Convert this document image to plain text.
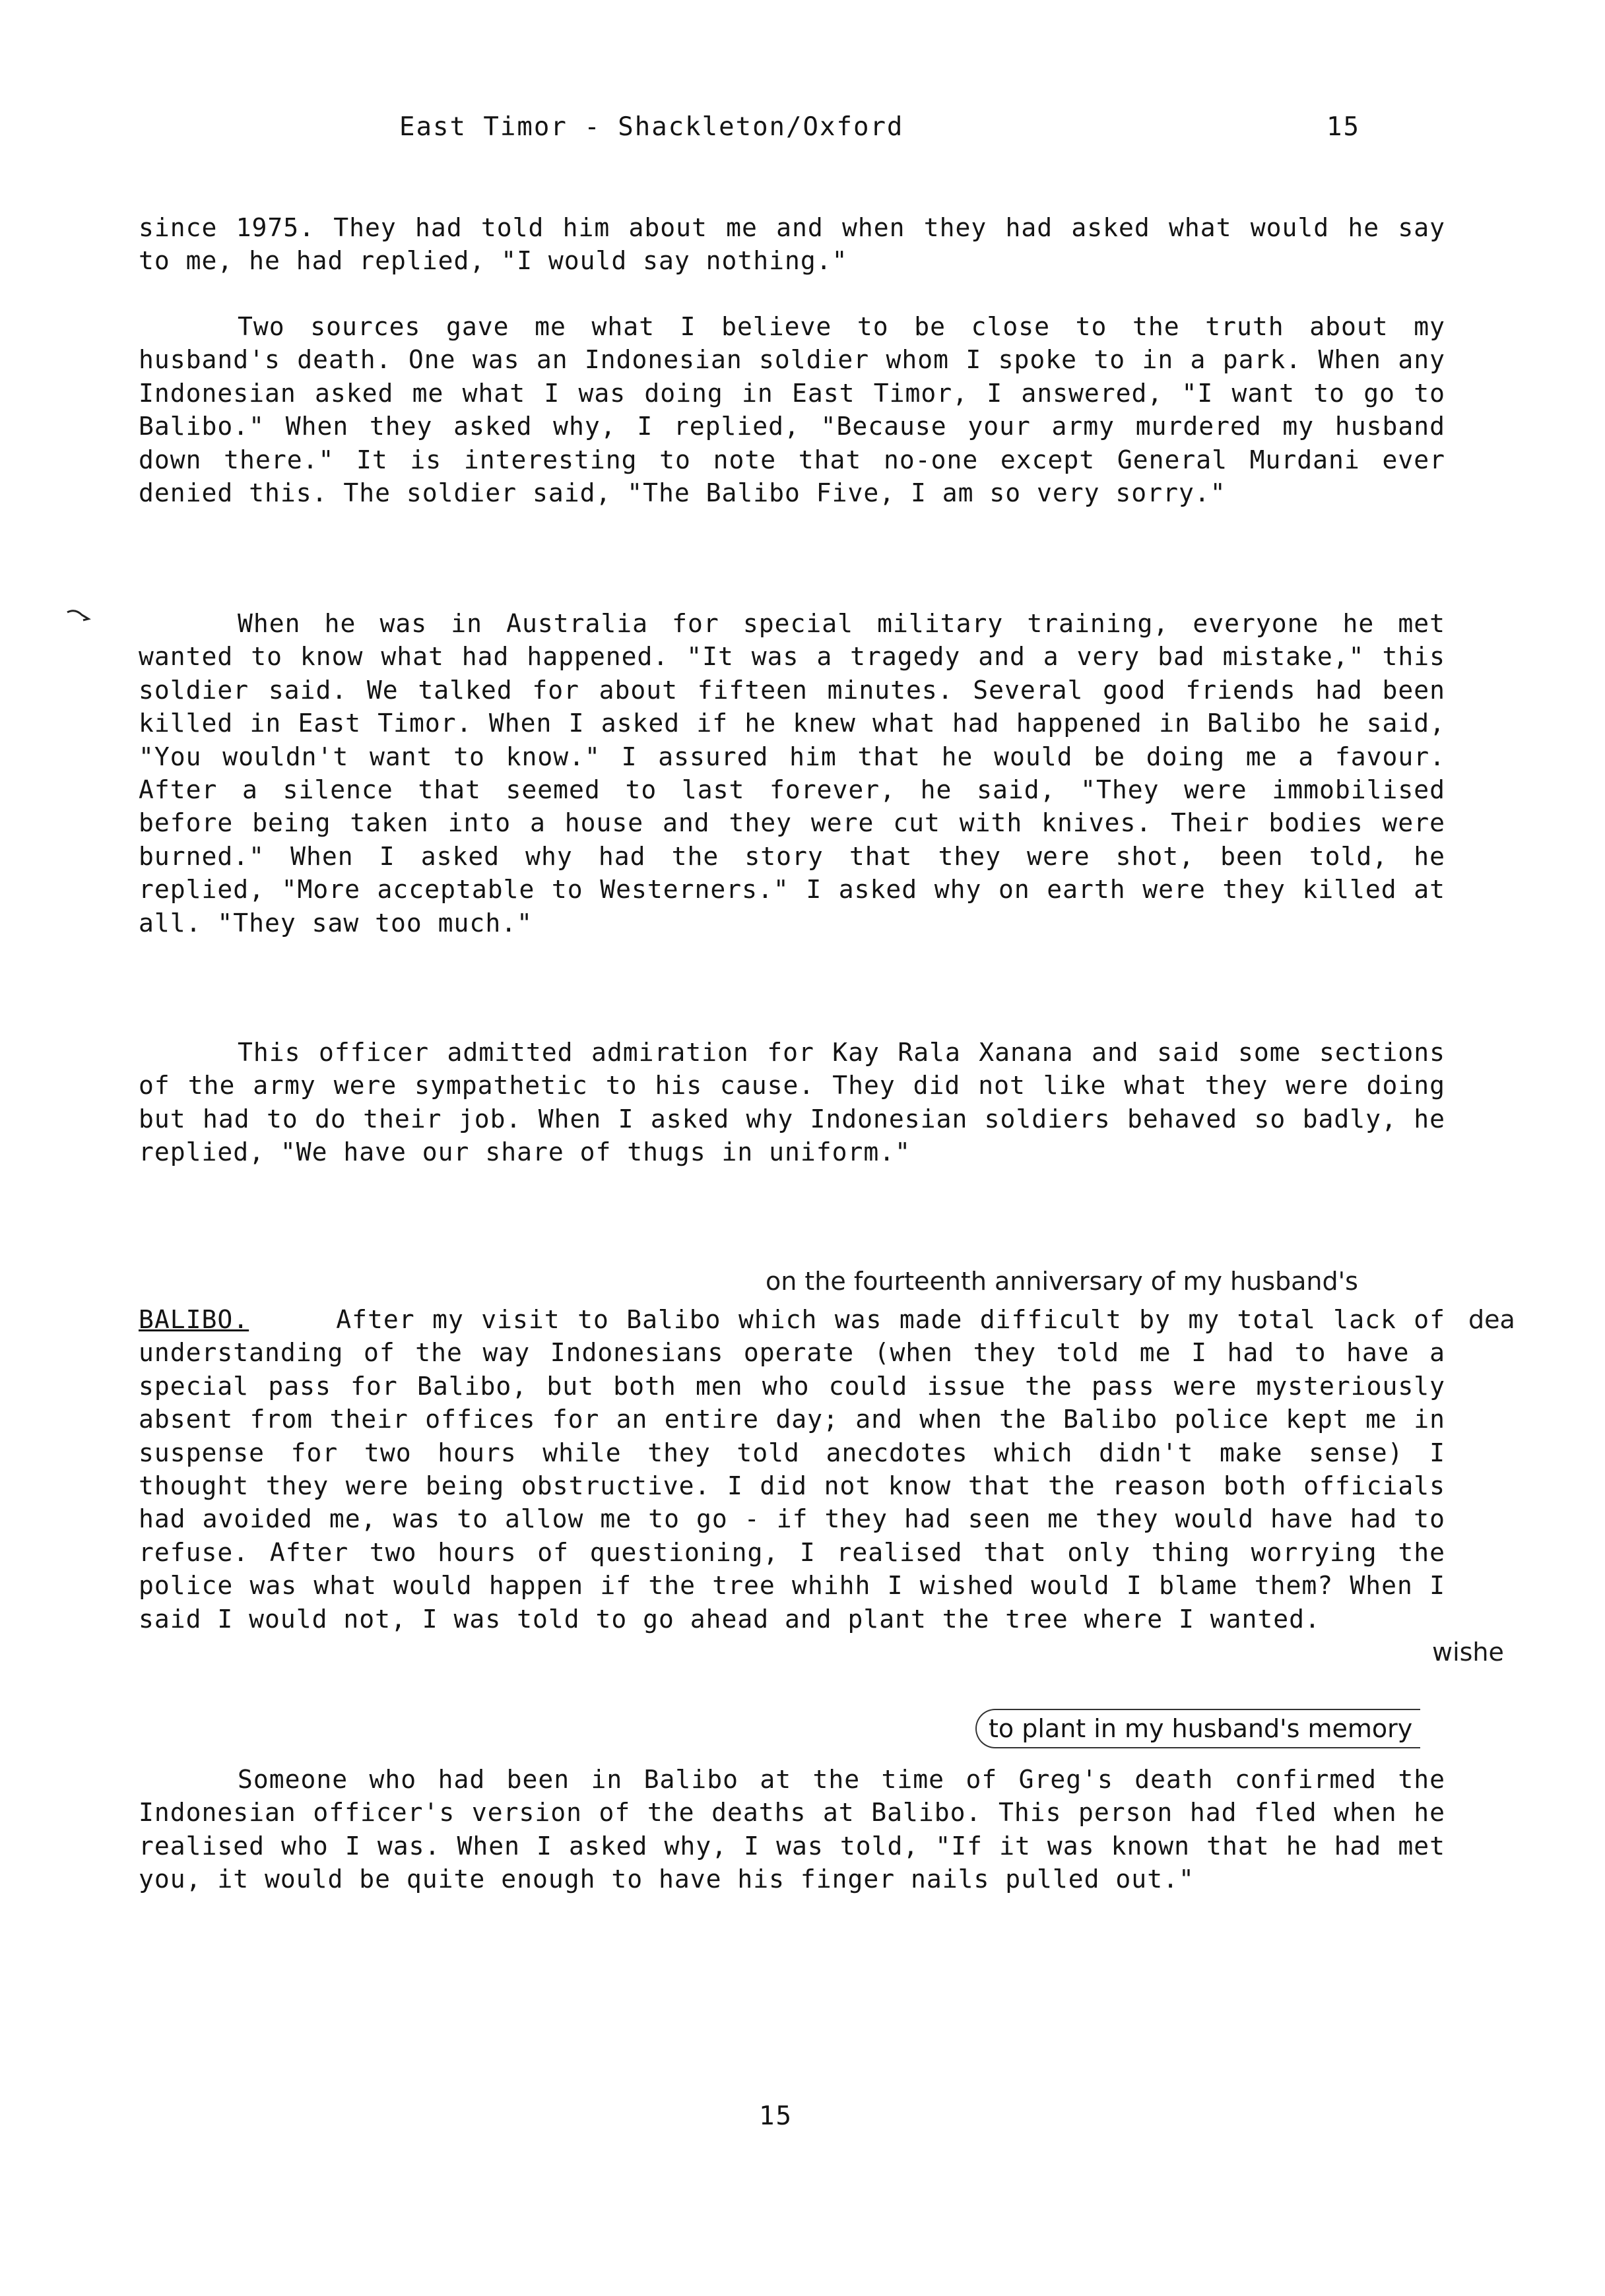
East Timor - Shackleton/Oxford	15
since 1975. They had told him about me and when they had asked what would he say to me, he had replied, "I would say nothing."
Two sources gave me what I believe to be close to the truth about my husband's death. One was an Indonesian soldier whom I spoke to in a park. When any Indonesian asked me what I was doing in East Timor, I answered, "I want to go to Balibo." When they asked why, I replied, "Because your army murdered my husband down there." It is interesting to note that no-one except General Murdani ever denied this. The soldier said, "The Balibo Five, I am so very sorry."
When he was in Australia for special military training, everyone he met wanted to know what had happened. "It was a tragedy and a very bad mistake," this soldier said. We talked for about fifteen minutes. Several good friends had been killed in East Timor. When I asked if he knew what had happened in Balibo he said, "You wouldn't want to know." I assured him that he would be doing me a favour. After a silence that seemed to last forever, he said, "They were immobilised before being taken into a house and they were cut with knives. Their bodies were burned." When I asked why had the story that they were shot, been told, he replied, "More acceptable to Westerners." I asked why on earth were they killed at all. "They saw too much."
This officer admitted admiration for Kay Rala Xanana and said some sections of the army were sympathetic to his cause. They did not like what they were doing but had to do their job. When I asked why Indonesian soldiers behaved so badly, he replied, "We have our share of thugs in uniform."
on the fourteenth anniversary of my husband's
BALIBO.	After my visit to Balibo which was made difficult by my total lack of understanding of the way Indonesians operate (when they told me I had to have a special pass for Balibo, but both men who could issue the pass were mysteriously absent from their offices for an entire day; and when the Balibo police kept me in suspense for two hours while they told anecdotes which didn't make sense) I thought they were being obstructive. I did not know that the reason both officials had avoided me, was to allow me to go - if they had seen me they would have had to refuse. After two hours of questioning, I realised that only thing worrying the police was what would happen if the tree whihh I wished would I blame them? When I said I would not, I was told to go ahead and plant the tree where I wanted.
dea
wishe
to plant in my husband's memory
Someone who had been in Balibo at the time of Greg's death confirmed the Indonesian officer's version of the deaths at Balibo. This person had fled when he realised who I was. When I asked why, I was told, "If it was known that he had met you, it would be quite enough to have his finger nails pulled out."
15
